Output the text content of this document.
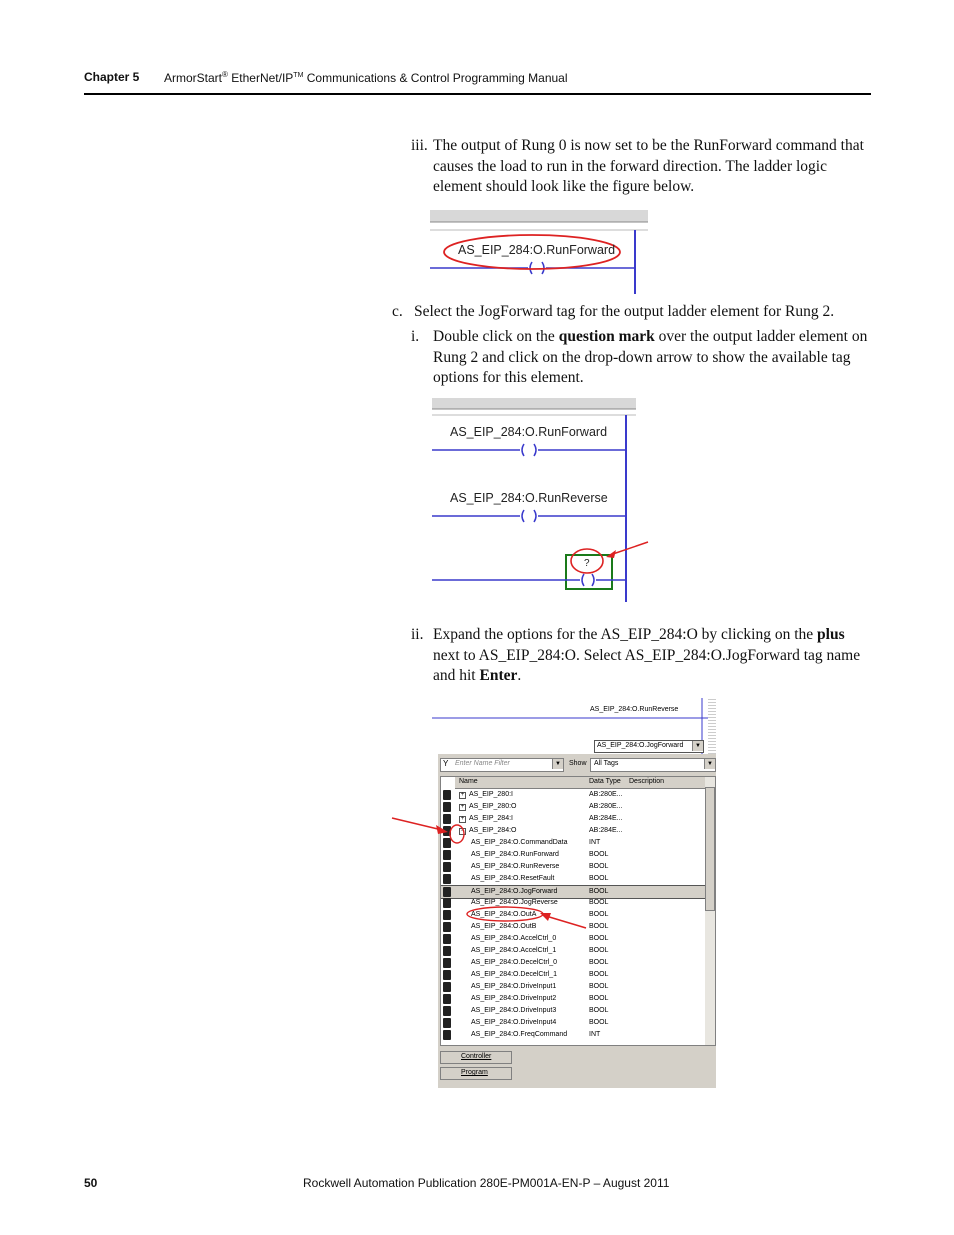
Chapter 5 ArmorStart® EtherNet/IP™ Communications & Control Programming Manual
iii. The output of Rung 0 is now set to be the RunForward command that causes the load to run in the forward direction. The ladder logic element should look like the figure below.
AS_EIP_284:O.RunForward
c. Select the JogForward tag for the output ladder element for Rung 2.
i. Double click on the question mark over the output ladder element on Rung 2 and click on the drop-down arrow to show the available tag options for this element.
AS_EIP_284:O.RunForward
AS_EIP_284:O.RunReverse
?
ii. Expand the options for the AS_EIP_284:O by clicking on the plus next to AS_EIP_284:O. Select AS_EIP_284:O.JogForward tag name and hit Enter.
AS_EIP_284:O.RunReverse
AS_EIP_284:O.JogForward	▼
Y Enter Name Filter	▼ Show All Tags	▼
Name	Data Type Description
+ AS_EIP_280:I	AB:280E...
+ AS_EIP_280:O	AB:280E...
+ AS_EIP_284:I	AB:284E...
− AS_EIP_284:O	AB:284E...
AS_EIP_284:O.CommandData	INT
AS_EIP_284:O.RunForward	BOOL
AS_EIP_284:O.RunReverse	BOOL
AS_EIP_284:O.ResetFault	BOOL
AS_EIP_284:O.JogForward	BOOL
AS_EIP_284:O.JogReverse	BOOL
AS_EIP_284:O.OutA	BOOL
AS_EIP_284:O.OutB	BOOL
AS_EIP_284:O.AccelCtrl_0	BOOL
AS_EIP_284:O.AccelCtrl_1	BOOL
AS_EIP_284:O.DecelCtrl_0	BOOL
AS_EIP_284:O.DecelCtrl_1	BOOL
AS_EIP_284:O.DriveInput1	BOOL
AS_EIP_284:O.DriveInput2	BOOL
AS_EIP_284:O.DriveInput3	BOOL
AS_EIP_284:O.DriveInput4	BOOL
AS_EIP_284:O.FreqCommand	INT
Controller
Program
50	Rockwell Automation Publication 280E-PM001A-EN-P – August 2011
